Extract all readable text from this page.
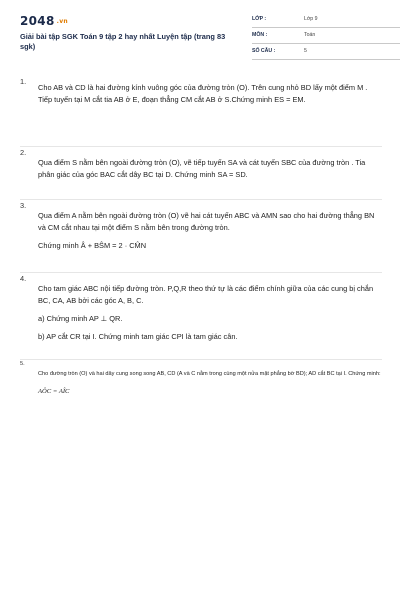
2048 .vn
Giải bài tập SGK Toán 9 tập 2 hay nhất Luyện tập (trang 83 sgk)
LỚP :	Lớp 9
MÔN :	Toán
SỐ CÂU :	5
1.

Cho AB và CD là hai đường kính vuông góc của đường tròn (O). Trên cung nhỏ BD lấy một điểm M . Tiếp tuyến tại M cắt tia AB ở E, đoạn thẳng CM cắt AB ở S.Chứng minh ES = EM.

2.

Qua điểm S nằm bên ngoài đường tròn (O), vẽ tiếp tuyến SA và cát tuyến SBC của đường tròn . Tia phân giác của góc BAC cắt dây BC tại D. Chứng minh SA = SD.

3.

Qua điểm A nằm bên ngoài đường tròn (O) vẽ hai cát tuyến ABC và AMN sao cho hai đường thẳng BN và CM cắt nhau tại một điểm S nằm bên trong đường tròn.

Chứng minh Â + BŜM = 2 · CM̂N

4.

Cho tam giác ABC nội tiếp đường tròn. P,Q,R theo thứ tự là các điểm chính giữa của các cung bị chắn BC, CA, AB bởi các góc A, B, C.

a) Chứng minh AP ⊥ QR.

b) AP cắt CR tại I. Chứng minh tam giác CPI là tam giác cân.

5.

Cho đường tròn (O) và hai dây cung song song AB, CD (A và C nằm trong cùng một nửa mặt phẳng bờ BD); AD cắt BC tại I. Chứng minh:

AÔC = AÎC
